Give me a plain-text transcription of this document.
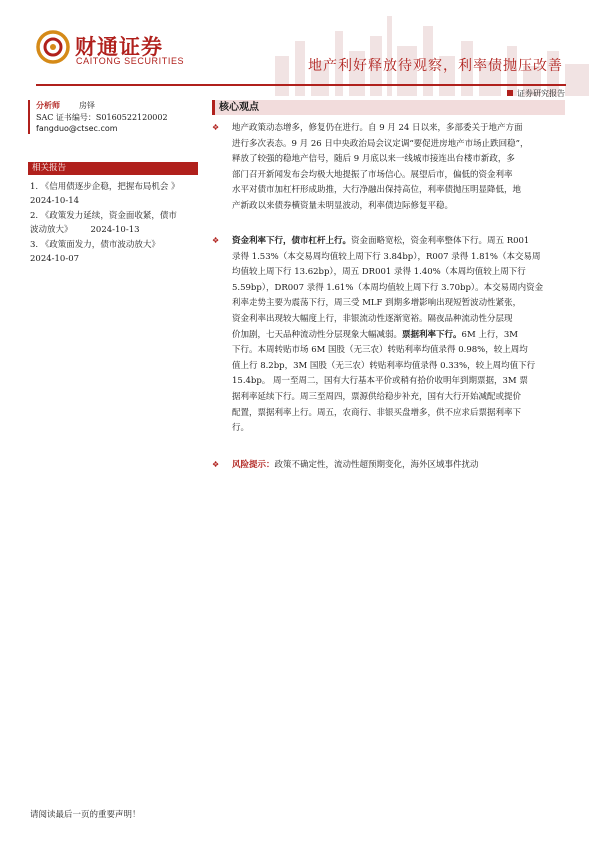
财通证券
CAITONG SECURITIES	地产利好释放待观察，利率债抛压改善
证券研究报告
分析师 房铎
SAC 证书编号：S0160522120002
fangduo@ctsec.com
相关报告
1. 《信用债逐步企稳，把握布局机会 》
2024-10-14
2. 《政策发力延续，资金面收紧，债市
波动放大》 2024-10-13
3. 《政策面发力，债市波动放大》
2024-10-07
核心观点
❖ 地产政策动态增多，修复仍在进行。自 9 月 24 日以来，多部委关于地产方面
进行多次表态。9 月 26 日中央政治局会议定调“要促进房地产市场止跌回稳”，
释放了较强的稳地产信号，随后 9 月底以来一线城市接连出台楼市新政，多
部门召开新闻发布会均极大地提振了市场信心。展望后市，偏低的资金利率
水平对债市加杠杆形成助推，大行净融出保持高位，利率债抛压明显降低，地
产新政以来债券横资量未明显波动，利率债边际修复平稳。
❖ 资金利率下行，债市杠杆上行。资金面略宽松，资金利率整体下行。周五 R001
录得 1.53%（本交易周均值较上周下行 3.84bp），R007 录得 1.81%（本交易周
均值较上周下行 13.62bp），周五 DR001 录得 1.40%（本周均值较上周下行
5.59bp），DR007 录得 1.61%（本周均值较上周下行 3.70bp）。本交易周内资金
利率走势主要为震荡下行，周三受 MLF 到期多增影响出现短暂波动性紧张，
资金利率出现较大幅度上行，非银流动性逐渐宽裕。隔夜品种流动性分层现
价加剧，七天品种流动性分层现象大幅减弱。票据利率下行。6M 上行，3M
下行。本周转贴市场 6M 国股（无三农）转贴利率均值录得 0.98%，较上周均
值上行 8.2bp，3M 国股（无三农）转贴利率均值录得 0.33%，较上周均值下行
15.4bp。 周一至周二，国有大行基本平价或稍有拾价收明年到期票据，3M 票
据利率延续下行。周三至周四，票源供给稳步补充，国有大行开始减配或提价
配置，票据利率上行。周五，农商行、非银买盘增多，供不应求后票据利率下
行。
❖ 风险提示：政策不确定性，流动性超预期变化，海外区域事件扰动
请阅读最后一页的重要声明！
